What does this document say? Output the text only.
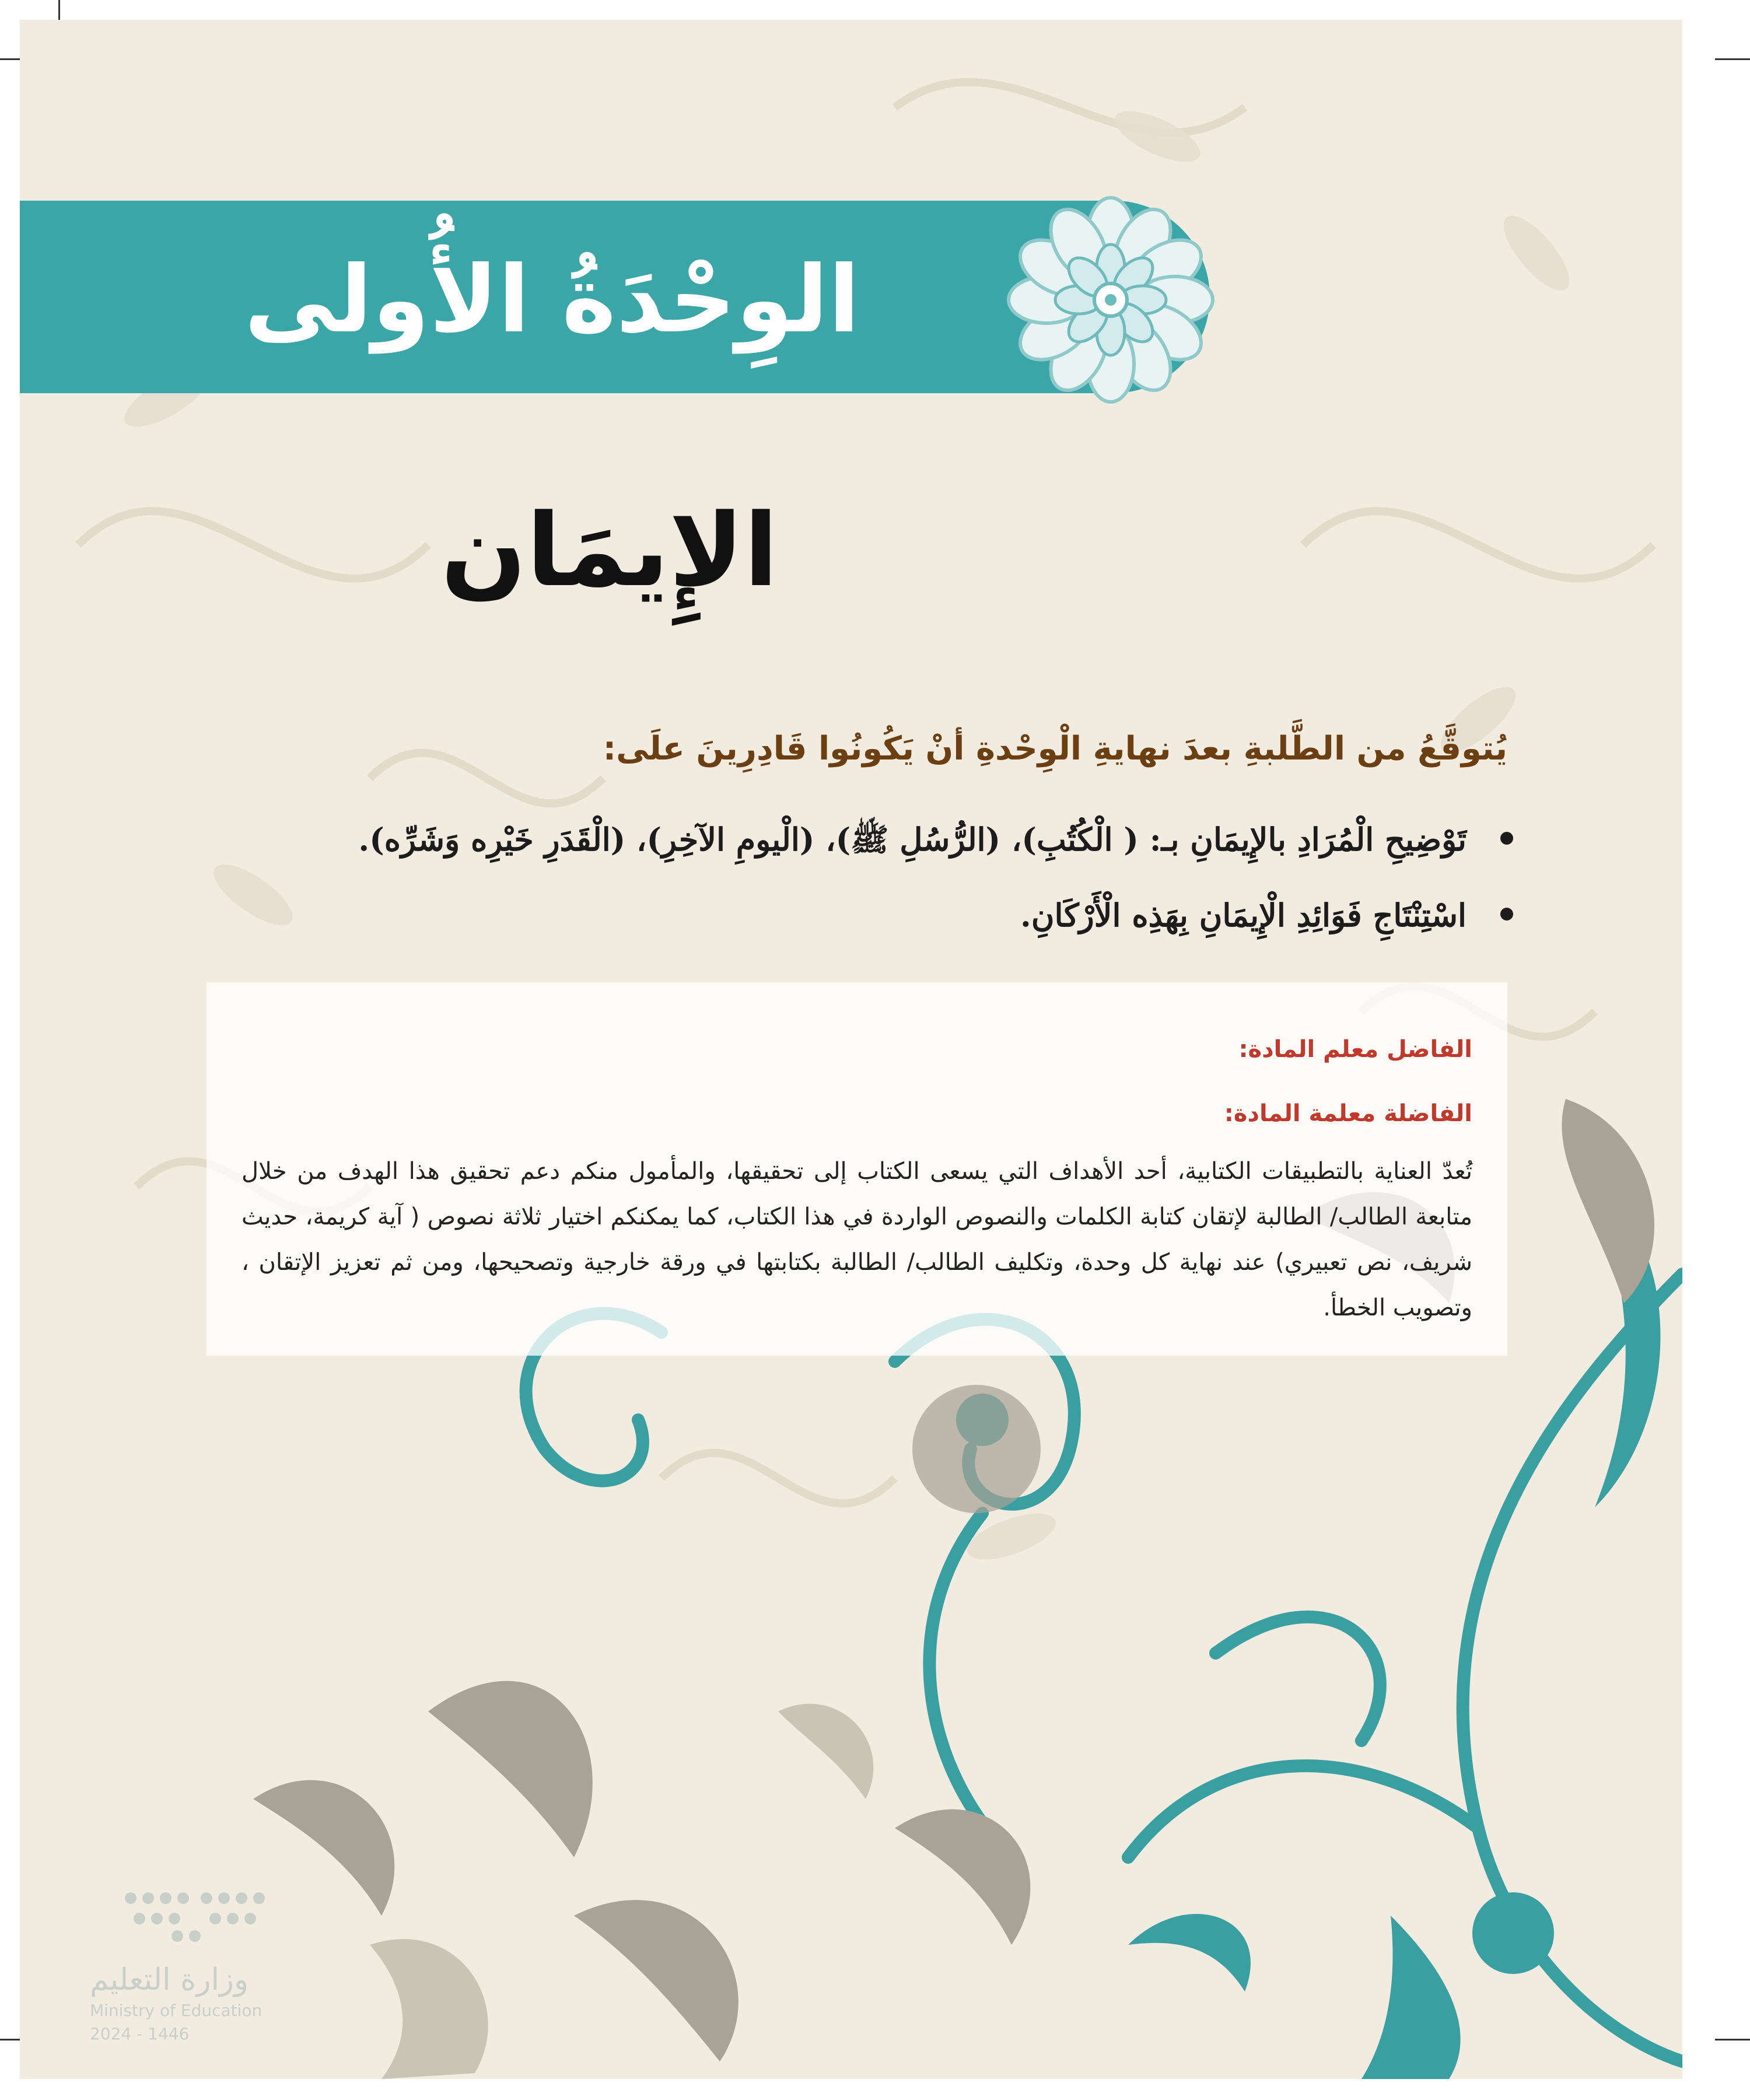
الوِحْدَةُ الأُولى
الإِيمَان
يُتوقَّعُ من الطَّلبةِ بعدَ نهايةِ الْوِحْدةِ أنْ يَكُونُوا قَادِرِينَ علَى:
تَوْضِيحِ الْمُرَادِ بالإِيمَانِ بـ: ( الْكُتُبِ)، (الرُّسُلِ ﷺ)، (الْيومِ الآخِرِ)، (الْقَدَرِ خَيْرِه وَشَرِّه).
اسْتِنْتَاجِ فَوَائِدِ الْإِيمَانِ بِهَذِه الْأَرْكَانِ.
الفاضل معلم المادة:
الفاضلة معلمة المادة:
تُعدّ العناية بالتطبيقات الكتابية، أحد الأهداف التي يسعى الكتاب إلى تحقيقها، والمأمول منكم دعم تحقيق هذا الهدف من خلال متابعة الطالب/ الطالبة لإتقان كتابة الكلمات والنصوص الواردة في هذا الكتاب، كما يمكنكم اختيار ثلاثة نصوص ( آية كريمة، حديث شريف، نص تعبيري) عند نهاية كل وحدة، وتكليف الطالب/ الطالبة بكتابتها في ورقة خارجية وتصحيحها، ومن ثم تعزيز الإتقان ، وتصويب الخطأ.
وزارة التعليم
Ministry of Education
2024 - 1446
